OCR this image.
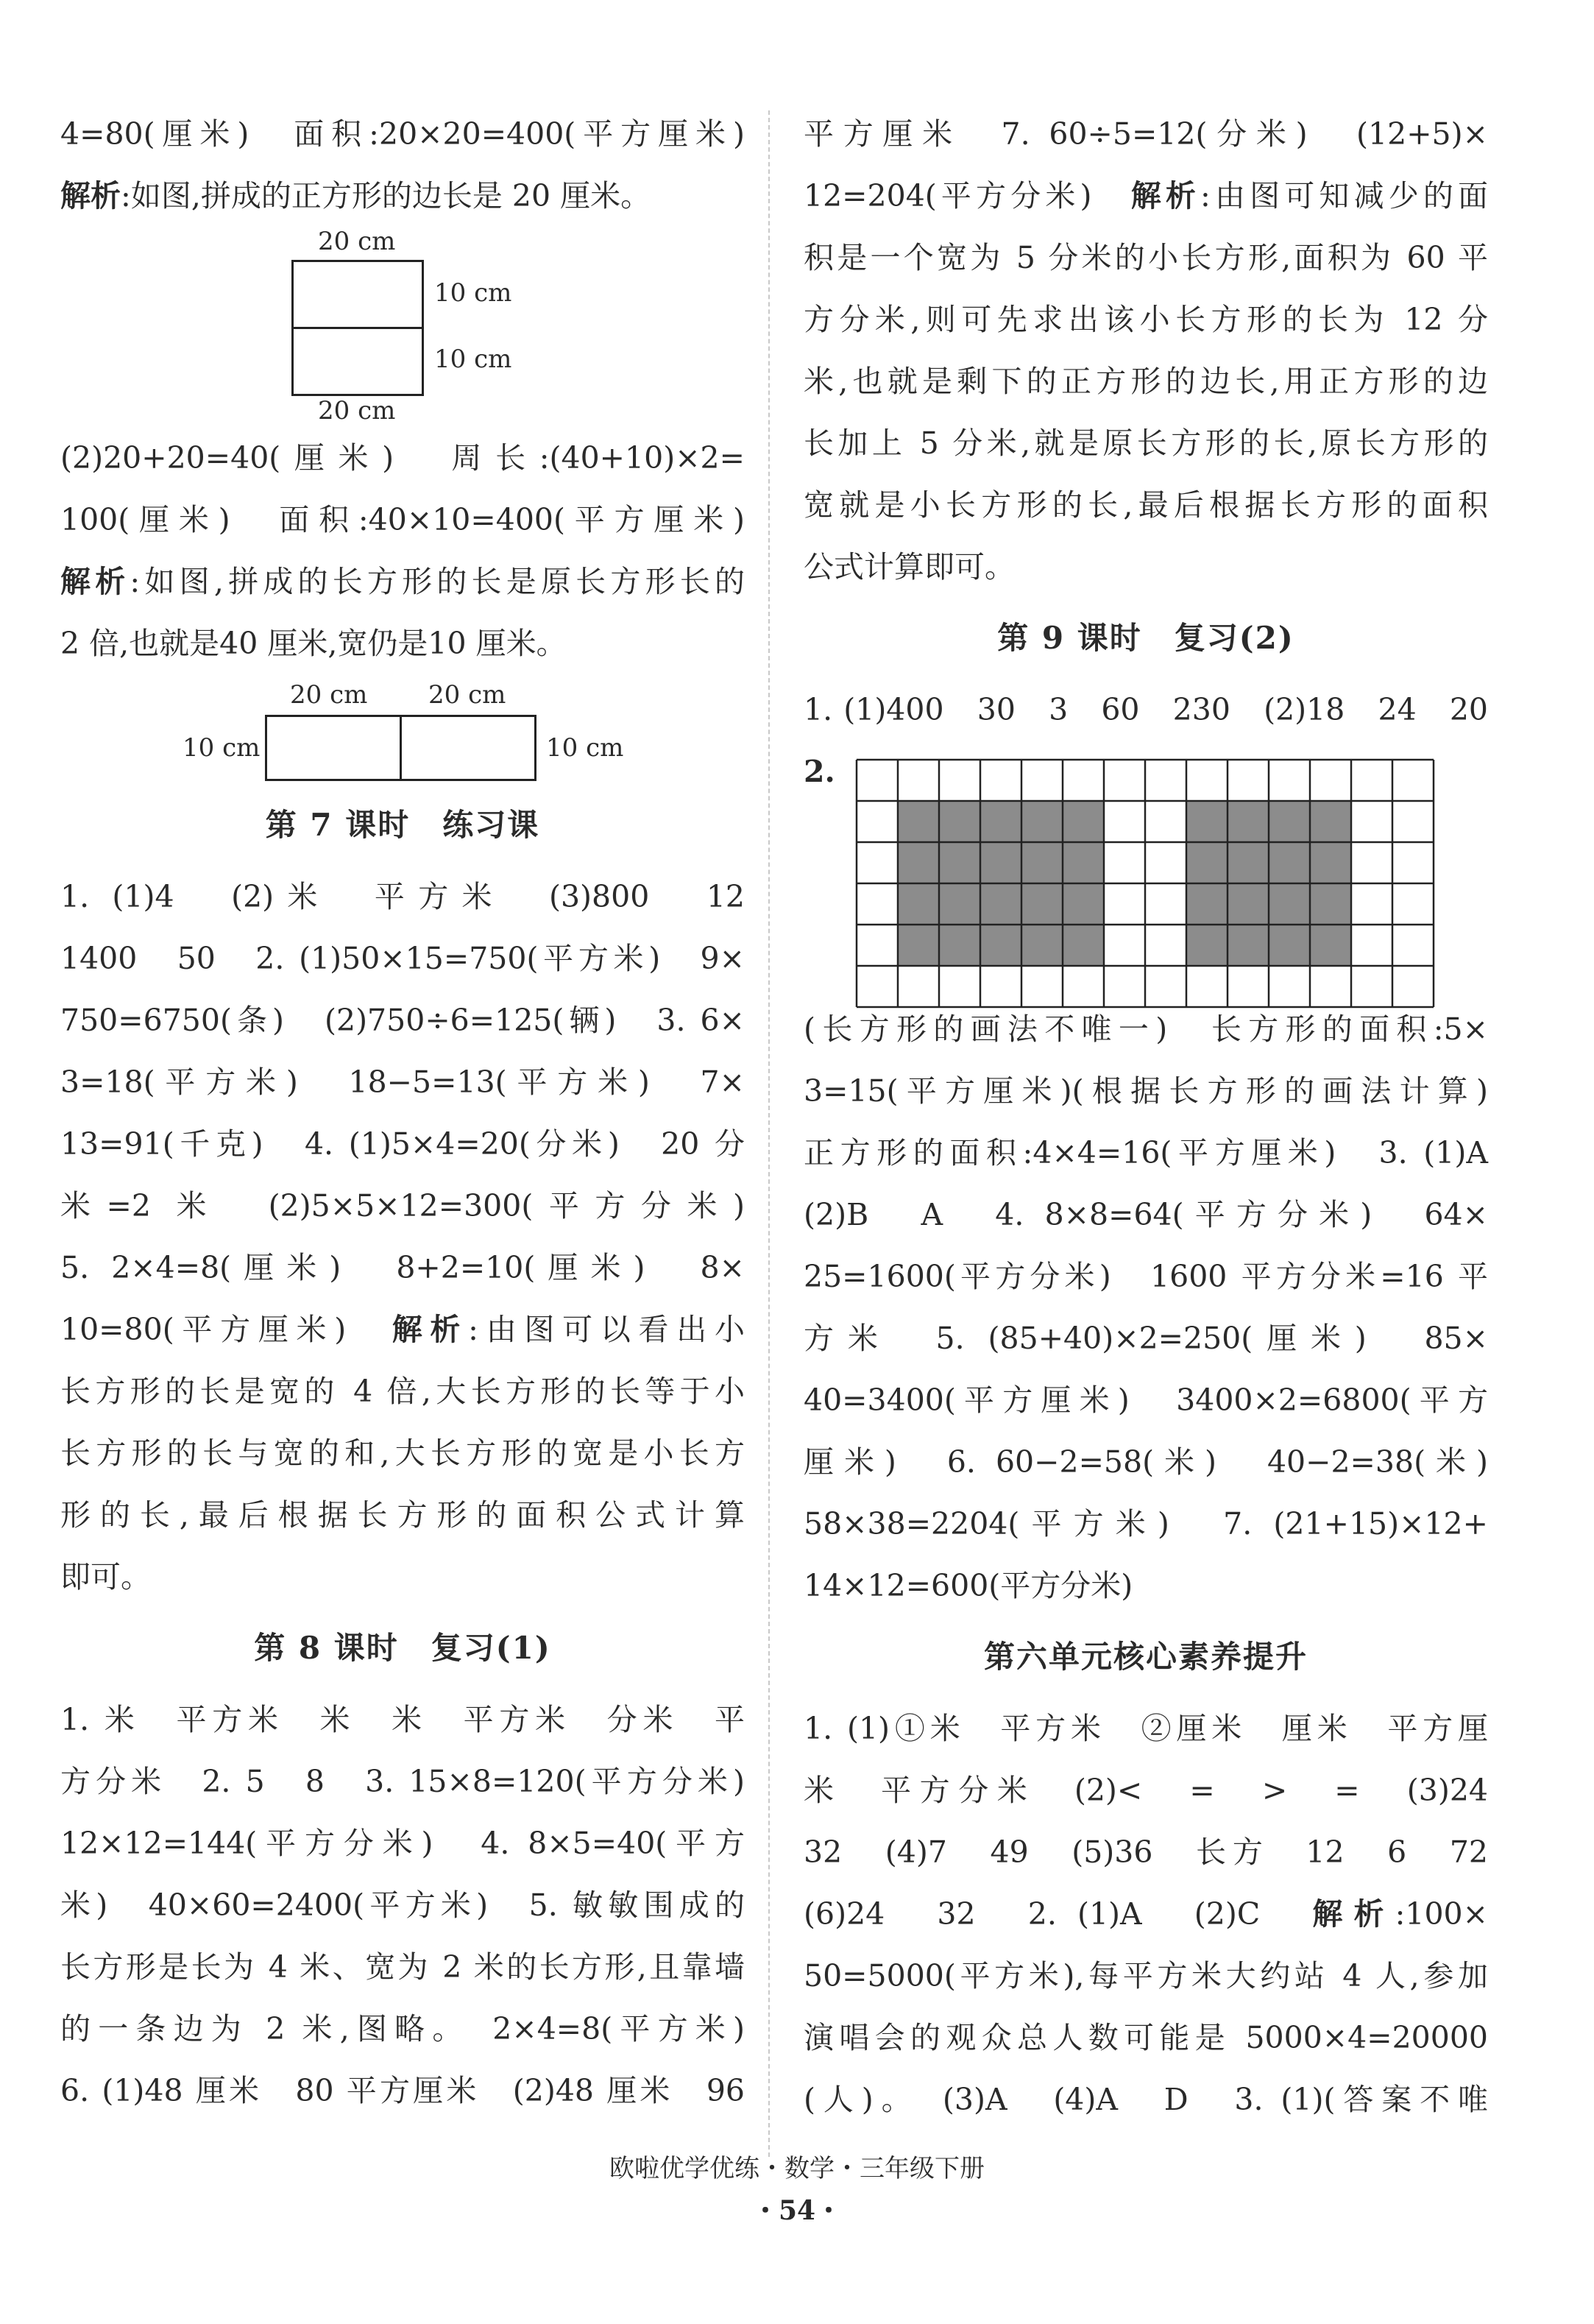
4=80(厘米)　面积:20×20=400(平方厘米)

解析:如图,拼成的正方形的边长是 20 厘米。

20 cm
10 cm
10 cm
20 cm

(2)20+20=40(厘米)　周长:(40+10)×2=

100(厘米)　面积:40×10=400(平方厘米)

解析:如图,拼成的长方形的长是原长方形长的

2 倍,也就是40 厘米,宽仍是10 厘米。

20 cm 20 cm
10 cm	10 cm
第 7 课时　练习课

1. (1)4　(2)米　平方米　(3)800　12

1400　50　2. (1)50×15=750(平方米)　9×

750=6750(条)　(2)750÷6=125(辆)　3. 6×

3=18(平方米)　18−5=13(平方米)　7×

13=91(千克)　4. (1)5×4=20(分米)　20 分

米=2 米　(2)5×5×12=300(平方分米)

5. 2×4=8(厘米)　8+2=10(厘米)　8×

10=80(平方厘米)　解析:由图可以看出小

长方形的长是宽的 4 倍,大长方形的长等于小

长方形的长与宽的和,大长方形的宽是小长方

形的长,最后根据长方形的面积公式计算

即可。

第 8 课时　复习(1)

1. 米　平方米　米　米　平方米　分米　平

方分米　2. 5　8　3. 15×8=120(平方分米)

12×12=144(平方分米)　4. 8×5=40(平方

米)　40×60=2400(平方米)　5. 敏敏围成的

长方形是长为 4 米、宽为 2 米的长方形,且靠墙

的一条边为 2 米,图略。　2×4=8(平方米)

6. (1)48 厘米　80 平方厘米　(2)48 厘米　96

平方厘米　7. 60÷5=12(分米)　(12+5)×

12=204(平方分米)　解析:由图可知减少的面

积是一个宽为 5 分米的小长方形,面积为 60 平

方分米,则可先求出该小长方形的长为 12 分

米,也就是剩下的正方形的边长,用正方形的边

长加上 5 分米,就是原长方形的长,原长方形的

宽就是小长方形的长,最后根据长方形的面积

公式计算即可。

第 9 课时　复习(2)

1. (1)400　30　3　60　230　(2)18　24　20

2.

(长方形的画法不唯一)　长方形的面积:5×

3=15(平方厘米)(根据长方形的画法计算)

正方形的面积:4×4=16(平方厘米)　3. (1)A

(2)B　A　4. 8×8=64(平方分米)　64×

25=1600(平方分米)　1600 平方分米=16 平

方米　5. (85+40)×2=250(厘米)　85×

40=3400(平方厘米)　3400×2=6800(平方

厘米)　6. 60−2=58(米)　40−2=38(米)

58×38=2204(平方米)　7. (21+15)×12+

14×12=600(平方分米)

第六单元核心素养提升

1. (1)①米　平方米　②厘米　厘米　平方厘

米　平方分米　(2)<　=　>　=　(3)24

32　(4)7　49　(5)36　长方　12　6　72

(6)24　32　2. (1)A　(2)C　解析:100×

50=5000(平方米),每平方米大约站 4 人,参加

演唱会的观众总人数可能是 5000×4=20000

(人)。　(3)A　(4)A　D　3. (1)(答案不唯

欧啦优学优练・数学・三年级下册
・54・
